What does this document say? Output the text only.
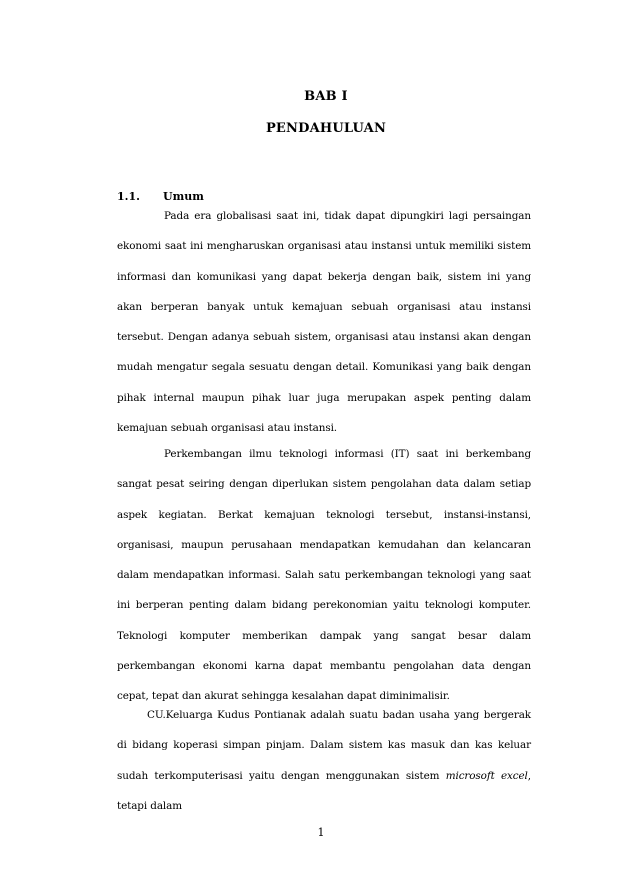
BAB I
PENDAHULUAN
1.1. Umum

Pada era globalisasi saat ini, tidak dapat dipungkiri lagi persaingan ekonomi saat ini mengharuskan organisasi atau instansi untuk memiliki sistem informasi dan komunikasi yang dapat bekerja dengan baik, sistem ini yang akan berperan banyak untuk kemajuan sebuah organisasi atau instansi tersebut. Dengan adanya sebuah sistem, organisasi atau instansi akan dengan mudah mengatur segala sesuatu dengan detail. Komunikasi yang baik dengan pihak internal maupun pihak luar juga merupakan aspek penting dalam kemajuan sebuah organisasi atau instansi.

Perkembangan ilmu teknologi informasi (IT) saat ini berkembang sangat pesat seiring dengan diperlukan sistem pengolahan data dalam setiap aspek kegiatan. Berkat kemajuan teknologi tersebut, instansi-instansi, organisasi, maupun perusahaan mendapatkan kemudahan dan kelancaran dalam mendapatkan informasi. Salah satu perkembangan teknologi yang saat ini berperan penting dalam bidang perekonomian yaitu teknologi komputer. Teknologi komputer memberikan dampak yang sangat besar dalam perkembangan ekonomi karna dapat membantu pengolahan data dengan cepat, tepat dan akurat sehingga kesalahan dapat diminimalisir.

CU.Keluarga Kudus Pontianak adalah suatu badan usaha yang bergerak di bidang koperasi simpan pinjam. Dalam sistem kas masuk dan kas keluar sudah terkomputerisasi yaitu dengan menggunakan sistem microsoft excel, tetapi dalam

1
